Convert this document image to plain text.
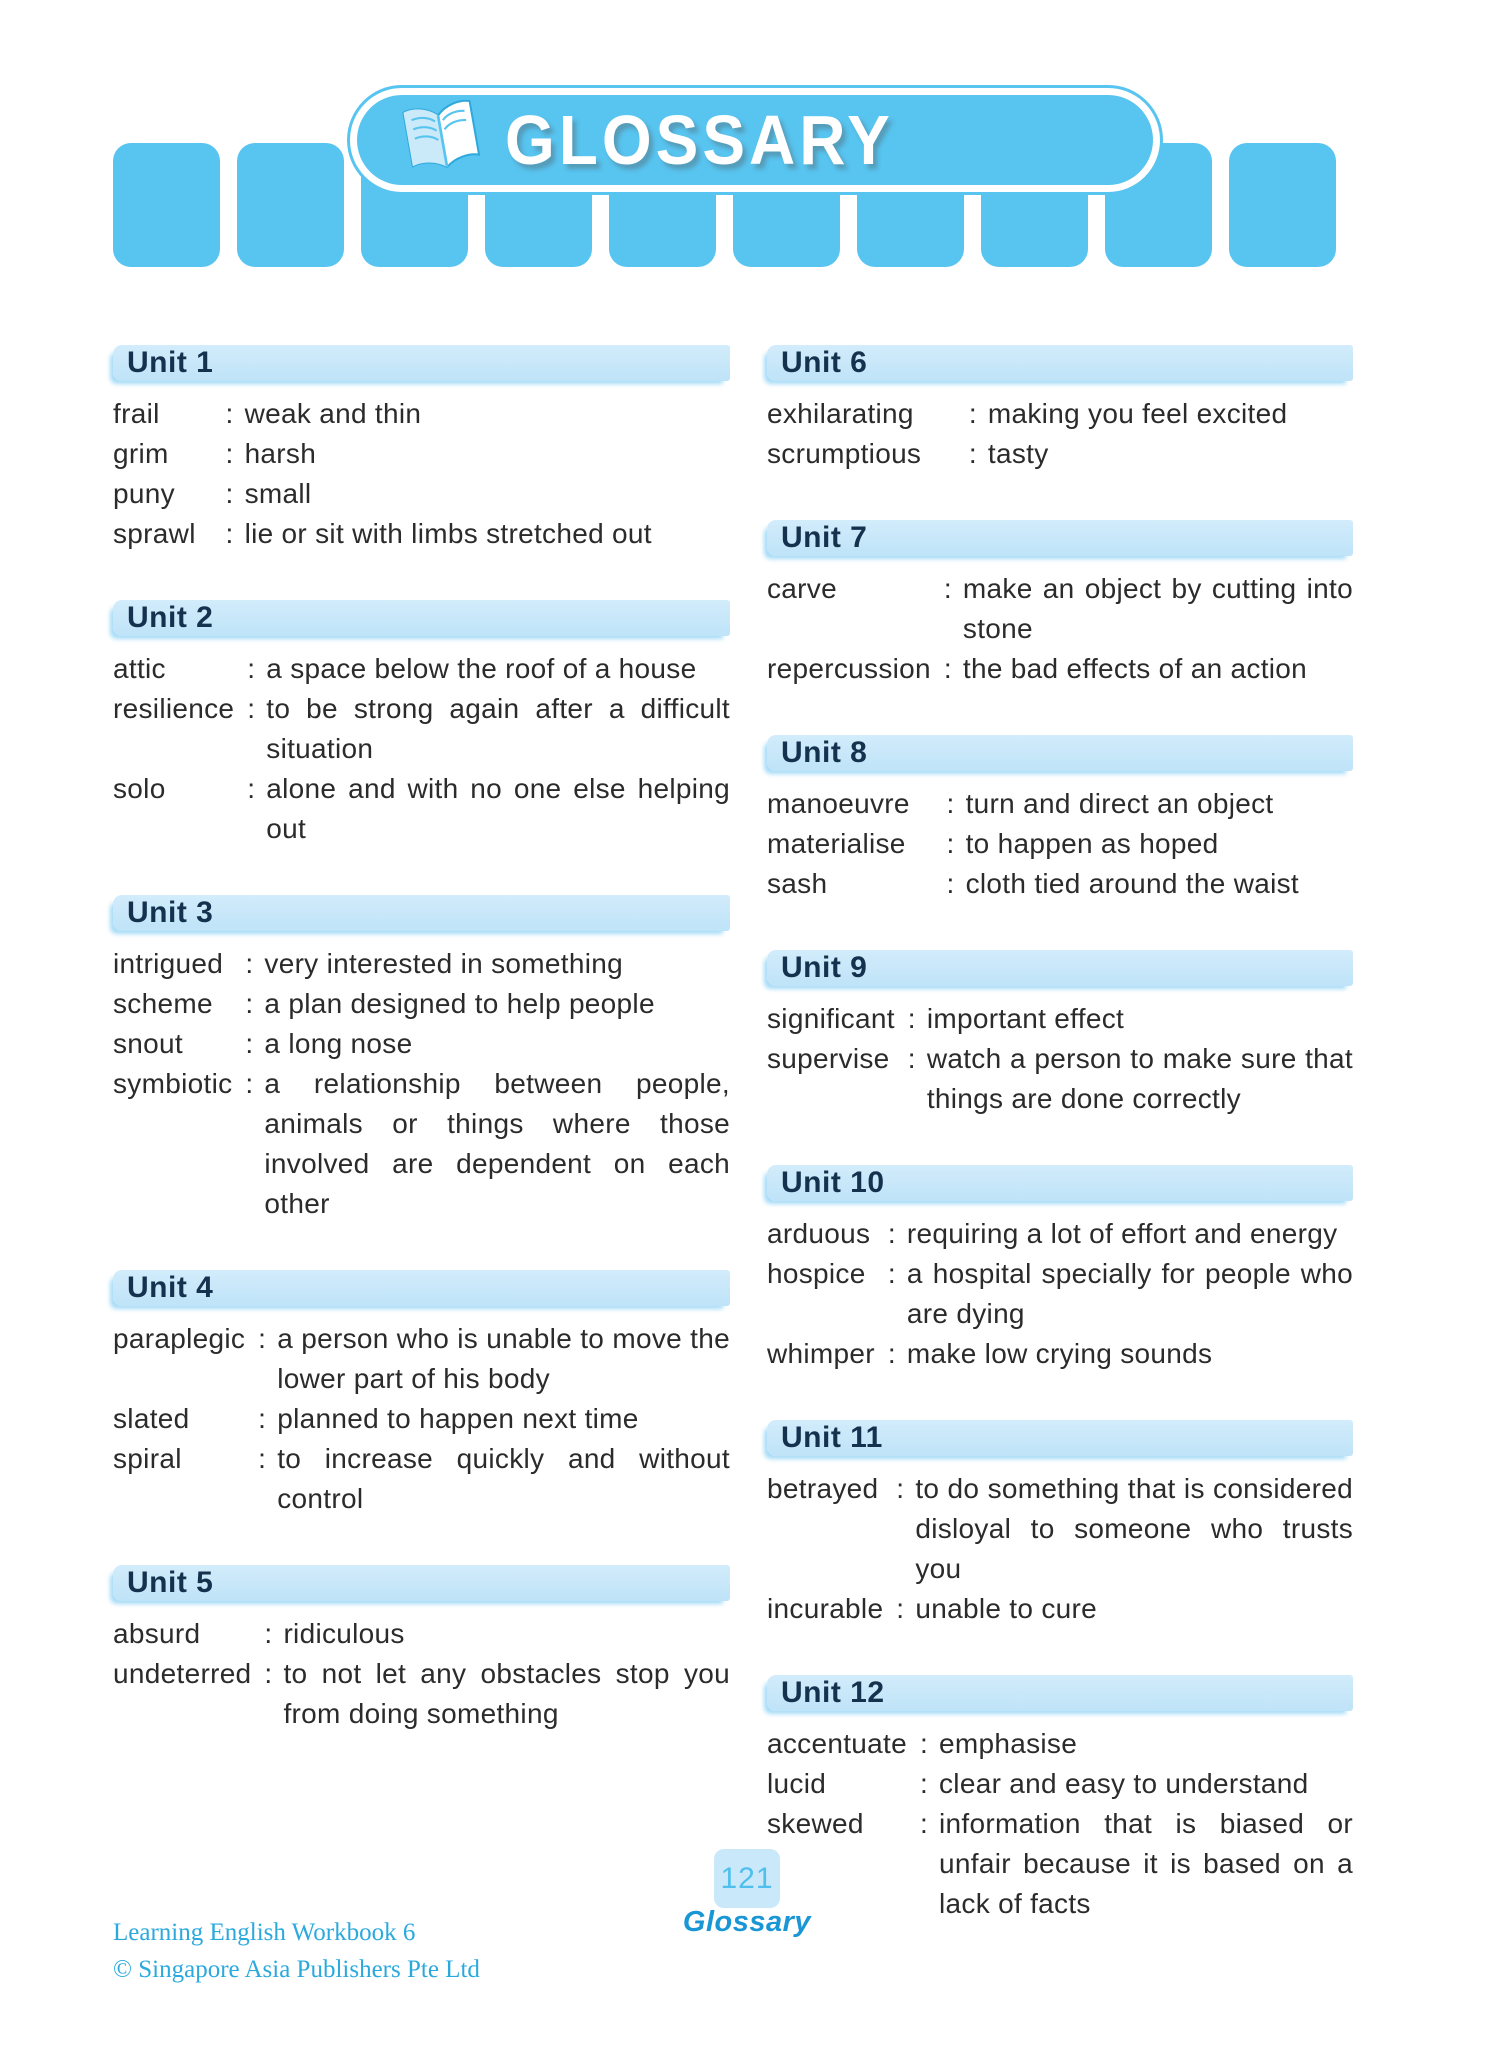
GLOSSARY
Unit 1
frail	:	weak and thin
grim	:	harsh
puny	:	small
sprawl	:	lie or sit with limbs stretched out
Unit 2
attic	:	a space below the roof of a house
resilience	:	to be strong again after a difficult situation
solo	:	alone and with no one else helping out
Unit 3
intrigued	:	very interested in something
scheme	:	a plan designed to help people
snout	:	a long nose
symbiotic	:	a relationship between people, animals or things where those involved are dependent on each other
Unit 4
paraplegic	:	a person who is unable to move the lower part of his body
slated	:	planned to happen next time
spiral	:	to increase quickly and without control
Unit 5
absurd	:	ridiculous
undeterred	:	to not let any obstacles stop you from doing something
Unit 6
exhilarating	:	making you feel excited
scrumptious	:	tasty
Unit 7
carve	:	make an object by cutting into stone
repercussion	:	the bad effects of an action
Unit 8
manoeuvre	:	turn and direct an object
materialise	:	to happen as hoped
sash	:	cloth tied around the waist
Unit 9
significant	:	important effect
supervise	:	watch a person to make sure that things are done correctly
Unit 10
arduous	:	requiring a lot of effort and energy
hospice	:	a hospital specially for people who are dying
whimper	:	make low crying sounds
Unit 11
betrayed	:	to do something that is considered disloyal to someone who trusts you
incurable	:	unable to cure
Unit 12
accentuate	:	emphasise
lucid	:	clear and easy to understand
skewed	:	information that is biased or unfair because it is based on a lack of facts
Learning English Workbook 6
© Singapore Asia Publishers Pte Ltd
121
Glossary
